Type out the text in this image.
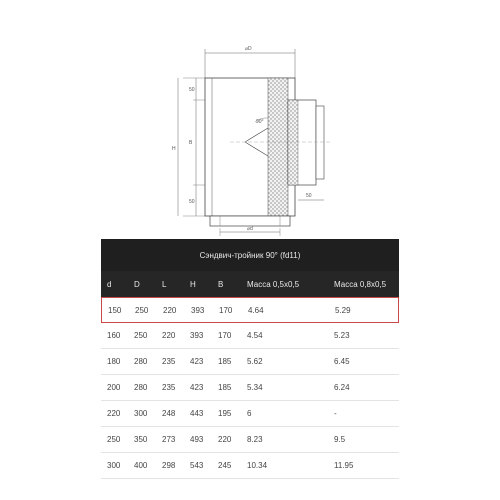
⌀D
90°
H
50
B
50
50
⌀d
Сэндвич-тройник 90° (fd11)
d	D	L	H	B	Масса 0,5x0,5	Масса 0,8x0,5
150 250 220 393 170 4.64	5.29
160 250 220 393 170 4.54	5.23
180 280 235 423 185 5.62	6.45
200 280 235 423 185 5.34	6.24
220 300 248 443 195 6	-
250 350 273 493 220 8.23	9.5
300 400 298 543 245 10.34	11.95
